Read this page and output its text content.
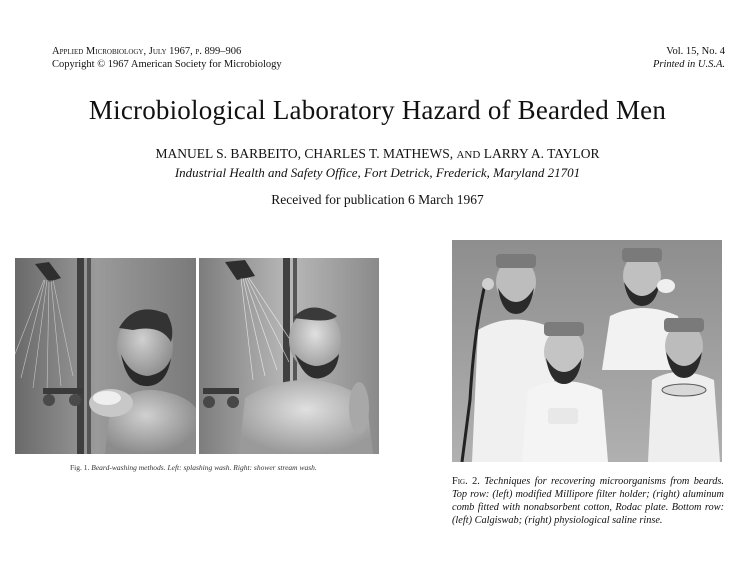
Applied Microbiology, July 1967, p. 899–906
Copyright © 1967 American Society for Microbiology
Vol. 15, No. 4
Printed in U.S.A.
Microbiological Laboratory Hazard of Bearded Men
MANUEL S. BARBEITO, CHARLES T. MATHEWS, AND LARRY A. TAYLOR
Industrial Health and Safety Office, Fort Detrick, Frederick, Maryland 21701
Received for publication 6 March 1967
Fig. 1. Beard-washing methods. Left: splashing wash. Right: shower stream wash.
Fig. 2. Techniques for recovering microorganisms from beards. Top row: (left) modified Millipore filter holder; (right) aluminum comb fitted with nonabsorbent cotton, Rodac plate. Bottom row: (left) Calgiswab; (right) physiological saline rinse.
